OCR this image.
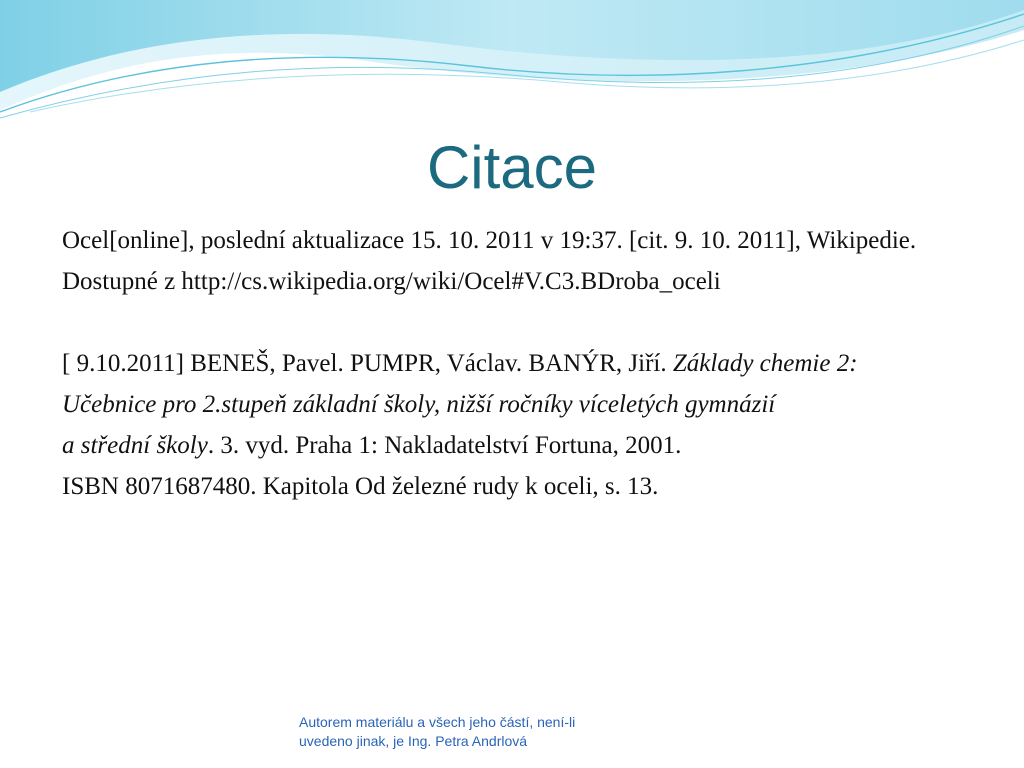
Citace

Ocel[online], poslední aktualizace 15. 10. 2011 v 19:37. [cit. 9. 10. 2011], Wikipedie.

Dostupné z http://cs.wikipedia.org/wiki/Ocel#V.C3.BDroba_oceli

[ 9.10.2011] BENEŠ, Pavel. PUMPR, Václav. BANÝR, Jiří. Základy chemie 2:

Učebnice pro 2.stupeň základní školy, nižší ročníky víceletých gymnázií

a střední školy. 3. vyd. Praha 1: Nakladatelství Fortuna, 2001.

ISBN 8071687480. Kapitola Od železné rudy k oceli, s. 13.

Autorem materiálu a všech jeho částí, není-li
uvedeno jinak, je Ing. Petra Andrlová
